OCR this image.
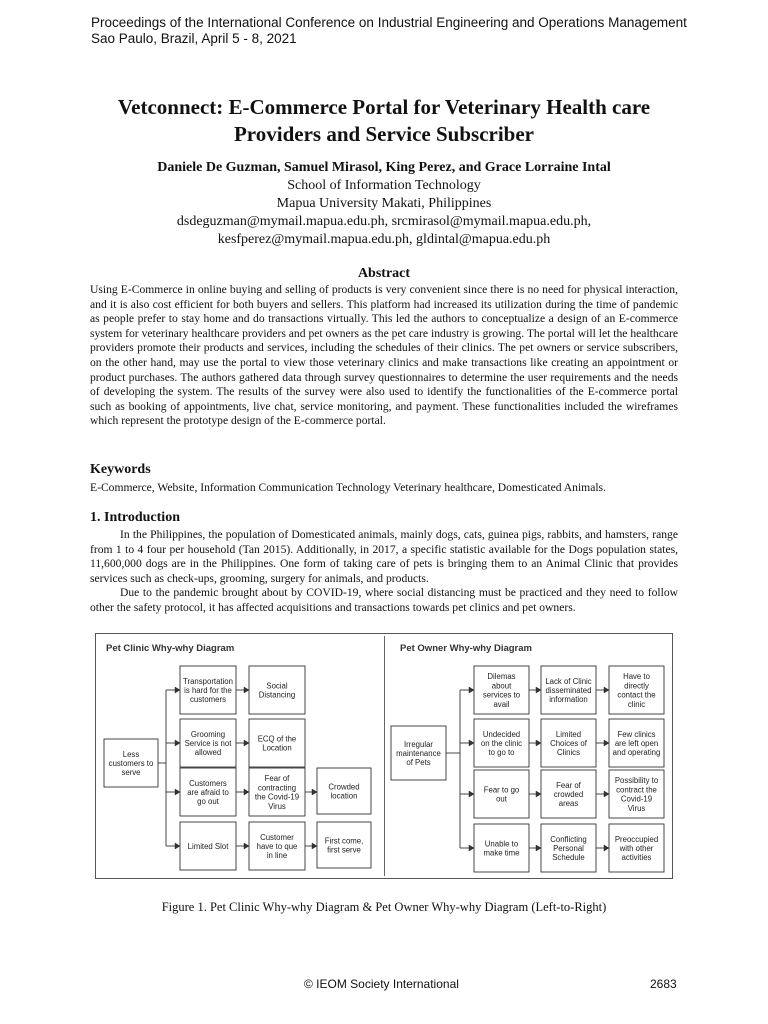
Proceedings of the International Conference on Industrial Engineering and Operations Management
Sao Paulo, Brazil, April 5 - 8, 2021
Vetconnect: E-Commerce Portal for Veterinary Health care
Providers and Service Subscriber
Daniele De Guzman, Samuel Mirasol, King Perez, and Grace Lorraine Intal
School of Information Technology
Mapua University Makati, Philippines
dsdeguzman@mymail.mapua.edu.ph, srcmirasol@mymail.mapua.edu.ph,
kesfperez@mymail.mapua.edu.ph, gldintal@mapua.edu.ph
Abstract

Using E-Commerce in online buying and selling of products is very convenient since there is no need for physical interaction, and it is also cost efficient for both buyers and sellers. This platform had increased its utilization during the time of pandemic as people prefer to stay home and do transactions virtually. This led the authors to conceptualize a design of an E-commerce system for veterinary healthcare providers and pet owners as the pet care industry is growing. The portal will let the healthcare providers promote their products and services, including the schedules of their clinics. The pet owners or service subscribers, on the other hand, may use the portal to view those veterinary clinics and make transactions like creating an appointment or product purchases. The authors gathered data through survey questionnaires to determine the user requirements and the needs of developing the system. The results of the survey were also used to identify the functionalities of the E-commerce portal such as booking of appointments, live chat, service monitoring, and payment. These functionalities included the wireframes which represent the prototype design of the E-commerce portal.

Keywords
E-Commerce, Website, Information Communication Technology Veterinary healthcare, Domesticated Animals.
1. Introduction

In the Philippines, the population of Domesticated animals, mainly dogs, cats, guinea pigs, rabbits, and hamsters, range from 1 to 4 four per household (Tan 2015). Additionally, in 2017, a specific statistic available for the Dogs population states, 11,600,000 dogs are in the Philippines. One form of taking care of pets is bringing them to an Animal Clinic that provides services such as check-ups, grooming, surgery for animals, and products.

Due to the pandemic brought about by COVID-19, where social distancing must be practiced and they need to follow other the safety protocol, it has affected acquisitions and transactions towards pet clinics and pet owners.

Pet Clinic Why-why Diagram
Less
customers to
serve
Transportation
is hard for the
customers
Social
Distancing
Grooming
Service is not
allowed
ECQ of the
Location
Customers
are afraid to
go out
Fear of
contracting
the Covid-19
Virus
Limited Slot
Customer
have to que
in line
Crowded
location
First come,
first serve
Pet Owner Why-why Diagram
Irregular
maintenance
of Pets
Dilemas
about
services to
avail
Lack of Clinic
disseminated
information
Have to
directly
contact the
clinic
Undecided
on the clinic
to go to
Limited
Choices of
Clinics
Few clinics
are left open
and operating
Fear to go
out
Fear of
crowded
areas
Possibility to
contract the
Covid-19
Virus
Unable to
make time
Conflicting
Personal
Schedule
Preoccupied
with other
activities
Figure 1. Pet Clinic Why-why Diagram & Pet Owner Why-why Diagram (Left-to-Right)
© IEOM Society International	2683
